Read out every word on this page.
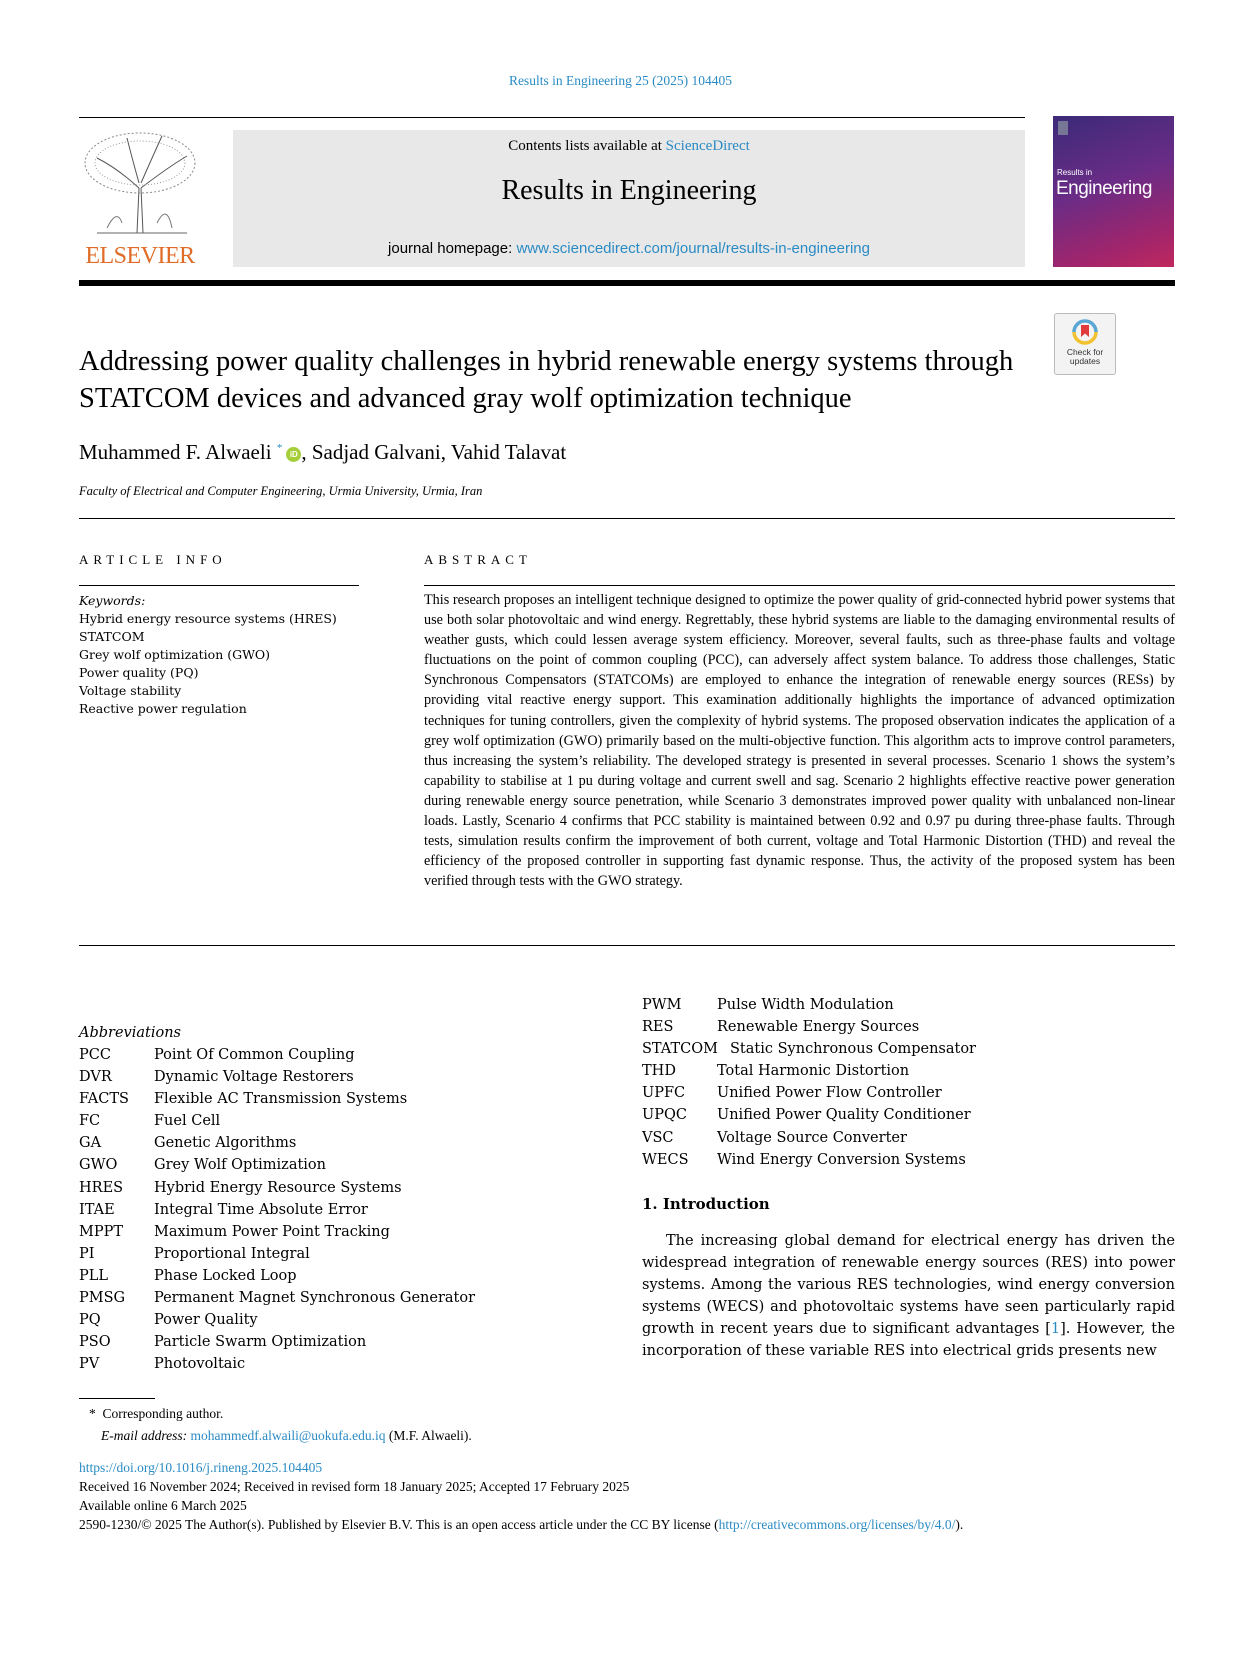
Results in Engineering 25 (2025) 104405
ELSEVIER
Contents lists available at ScienceDirect
Results in Engineering
journal homepage: www.sciencedirect.com/journal/results-in-engineering
Results in
Engineering
Check for
updates
Addressing power quality challenges in hybrid renewable energy systems through STATCOM devices and advanced gray wolf optimization technique
Muhammed F. Alwaeli *iD , Sadjad Galvani, Vahid Talavat
Faculty of Electrical and Computer Engineering, Urmia University, Urmia, Iran
ARTICLE INFO
Keywords:
Hybrid energy resource systems (HRES)
STATCOM
Grey wolf optimization (GWO)
Power quality (PQ)
Voltage stability
Reactive power regulation
ABSTRACT
This research proposes an intelligent technique designed to optimize the power quality of grid-connected hybrid power systems that use both solar photovoltaic and wind energy. Regrettably, these hybrid systems are liable to the damaging environmental results of weather gusts, which could lessen average system efficiency. Moreover, several faults, such as three-phase faults and voltage fluctuations on the point of common coupling (PCC), can adversely affect system balance. To address those challenges, Static Synchronous Compensators (STATCOMs) are employed to enhance the integration of renewable energy sources (RESs) by providing vital reactive energy support. This examination additionally highlights the importance of advanced optimization techniques for tuning controllers, given the complexity of hybrid systems. The proposed observation indicates the application of a grey wolf optimization (GWO) primarily based on the multi-objective function. This algorithm acts to improve control parameters, thus increasing the system’s reliability. The developed strategy is presented in several processes. Scenario 1 shows the system’s capability to stabilise at 1 pu during voltage and current swell and sag. Scenario 2 highlights effective reactive power generation during renewable energy source penetration, while Scenario 3 demonstrates improved power quality with unbalanced non-linear loads. Lastly, Scenario 4 confirms that PCC stability is maintained between 0.92 and 0.97 pu during three-phase faults. Through tests, simulation results confirm the improvement of both current, voltage and Total Harmonic Distortion (THD) and reveal the efficiency of the proposed controller in supporting fast dynamic response. Thus, the activity of the proposed system has been verified through tests with the GWO strategy.
Abbreviations
PCC	Point Of Common Coupling
DVR	Dynamic Voltage Restorers
FACTS Flexible AC Transmission Systems
FC	Fuel Cell
GA	Genetic Algorithms
GWO	Grey Wolf Optimization
HRES Hybrid Energy Resource Systems
ITAE	Integral Time Absolute Error
MPPT Maximum Power Point Tracking
PI	Proportional Integral
PLL	Phase Locked Loop
PMSG Permanent Magnet Synchronous Generator
PQ	Power Quality
PSO	Particle Swarm Optimization
PV	Photovoltaic
PWM Pulse Width Modulation
RES	Renewable Energy Sources
STATCOM Static Synchronous Compensator
THD	Total Harmonic Distortion
UPFC Unified Power Flow Controller
UPQC Unified Power Quality Conditioner
VSC	Voltage Source Converter
WECS Wind Energy Conversion Systems
1. Introduction
The increasing global demand for electrical energy has driven the widespread integration of renewable energy sources (RES) into power systems. Among the various RES technologies, wind energy conversion systems (WECS) and photovoltaic systems have seen particularly rapid growth in recent years due to significant advantages [1]. However, the incorporation of these variable RES into electrical grids presents new
* Corresponding author.
E-mail address: mohammedf.alwaili@uokufa.edu.iq (M.F. Alwaeli).
https://doi.org/10.1016/j.rineng.2025.104405
Received 16 November 2024; Received in revised form 18 January 2025; Accepted 17 February 2025
Available online 6 March 2025
2590-1230/© 2025 The Author(s). Published by Elsevier B.V. This is an open access article under the CC BY license (http://creativecommons.org/licenses/by/4.0/).
